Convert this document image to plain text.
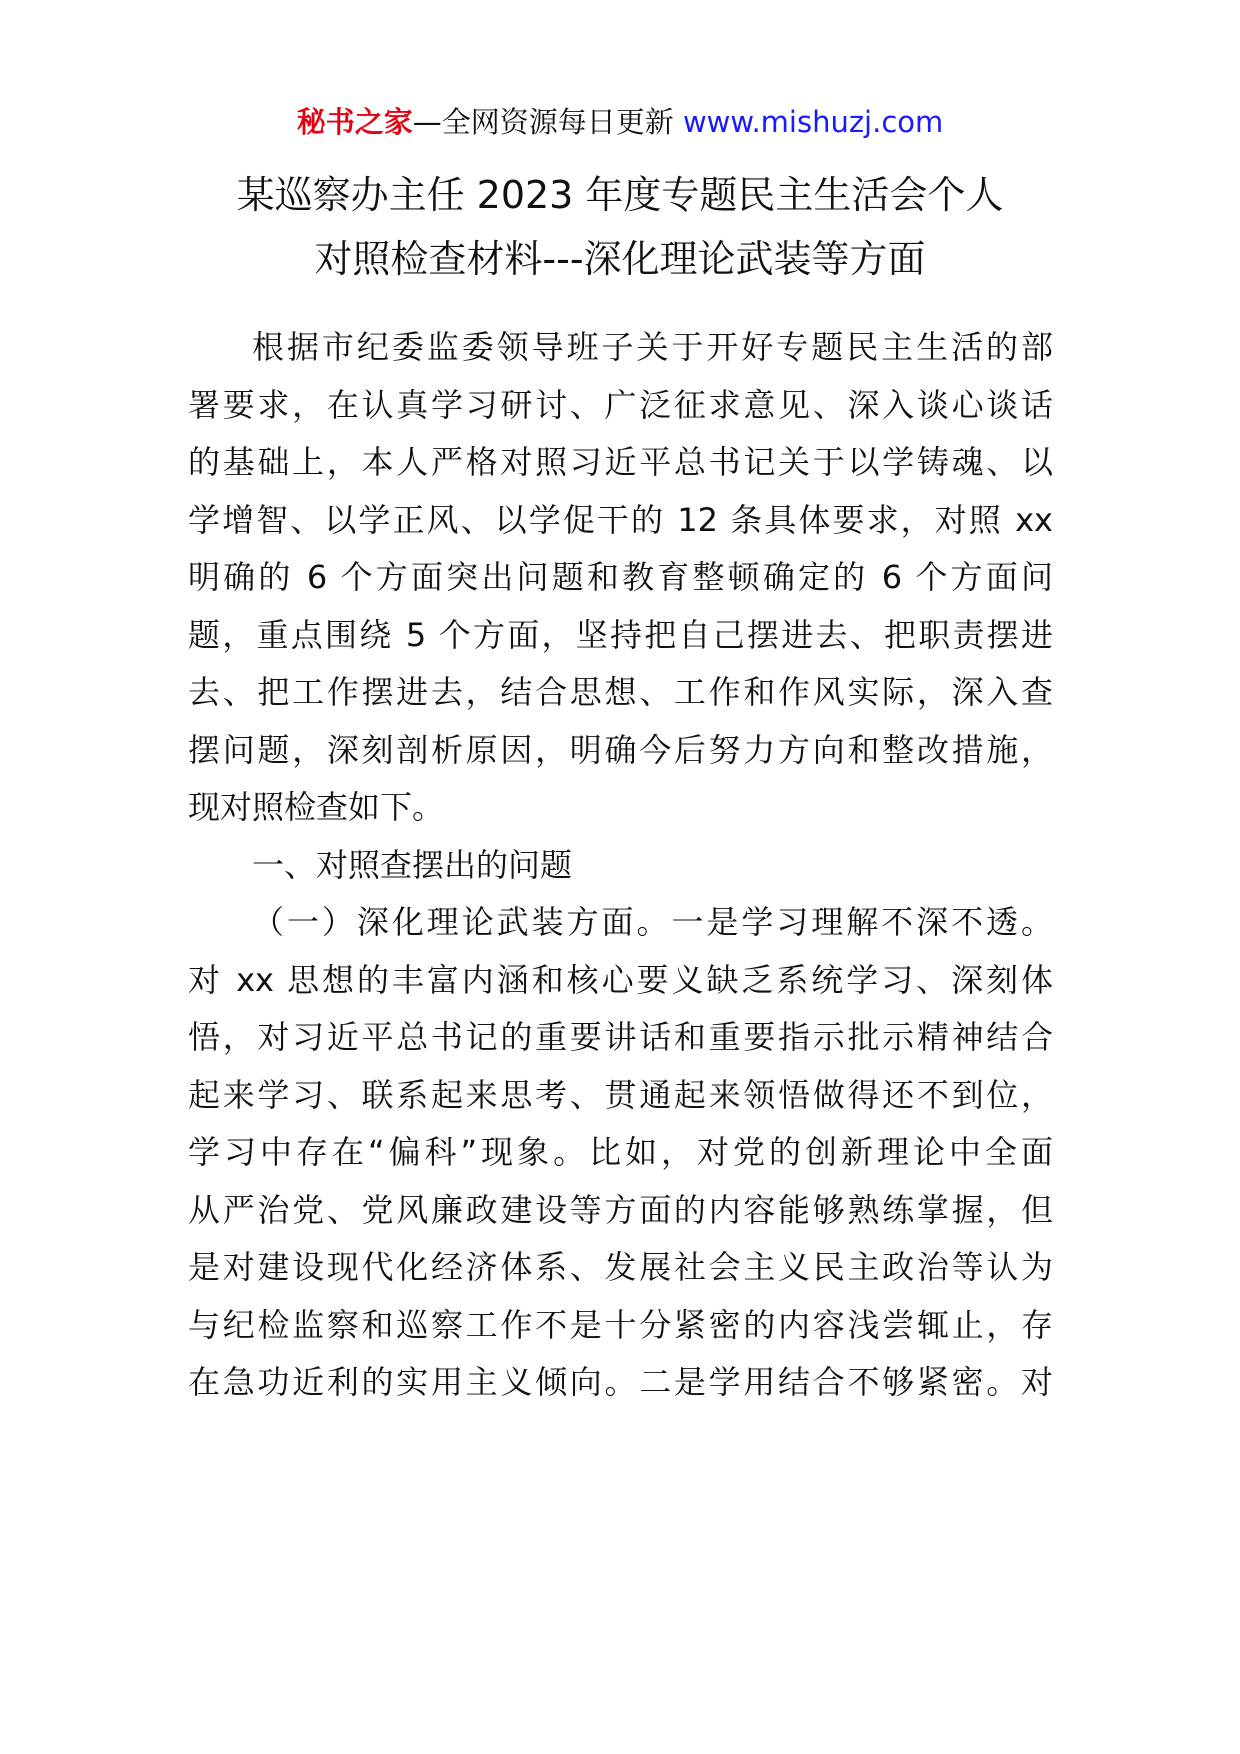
秘书之家—全网资源每日更新 www.mishuzj.com
某巡察办主任 2023 年度专题民主生活会个人
对照检查材料---深化理论武装等方面
根据市纪委监委领导班子关于开好专题民主生活的部
署要求，在认真学习研讨、广泛征求意见、深入谈心谈话
的基础上，本人严格对照习近平总书记关于以学铸魂、以
学增智、以学正风、以学促干的 12 条具体要求，对照 xx
明确的 6 个方面突出问题和教育整顿确定的 6 个方面问
题，重点围绕 5 个方面，坚持把自己摆进去、把职责摆进
去、把工作摆进去，结合思想、工作和作风实际，深入查
摆问题，深刻剖析原因，明确今后努力方向和整改措施，
现对照检查如下。
一、对照查摆出的问题
（一）深化理论武装方面。一是学习理解不深不透。
对 xx 思想的丰富内涵和核心要义缺乏系统学习、深刻体
悟，对习近平总书记的重要讲话和重要指示批示精神结合
起来学习、联系起来思考、贯通起来领悟做得还不到位，
学习中存在“偏科”现象。比如，对党的创新理论中全面
从严治党、党风廉政建设等方面的内容能够熟练掌握，但
是对建设现代化经济体系、发展社会主义民主政治等认为
与纪检监察和巡察工作不是十分紧密的内容浅尝辄止，存
在急功近利的实用主义倾向。二是学用结合不够紧密。对
